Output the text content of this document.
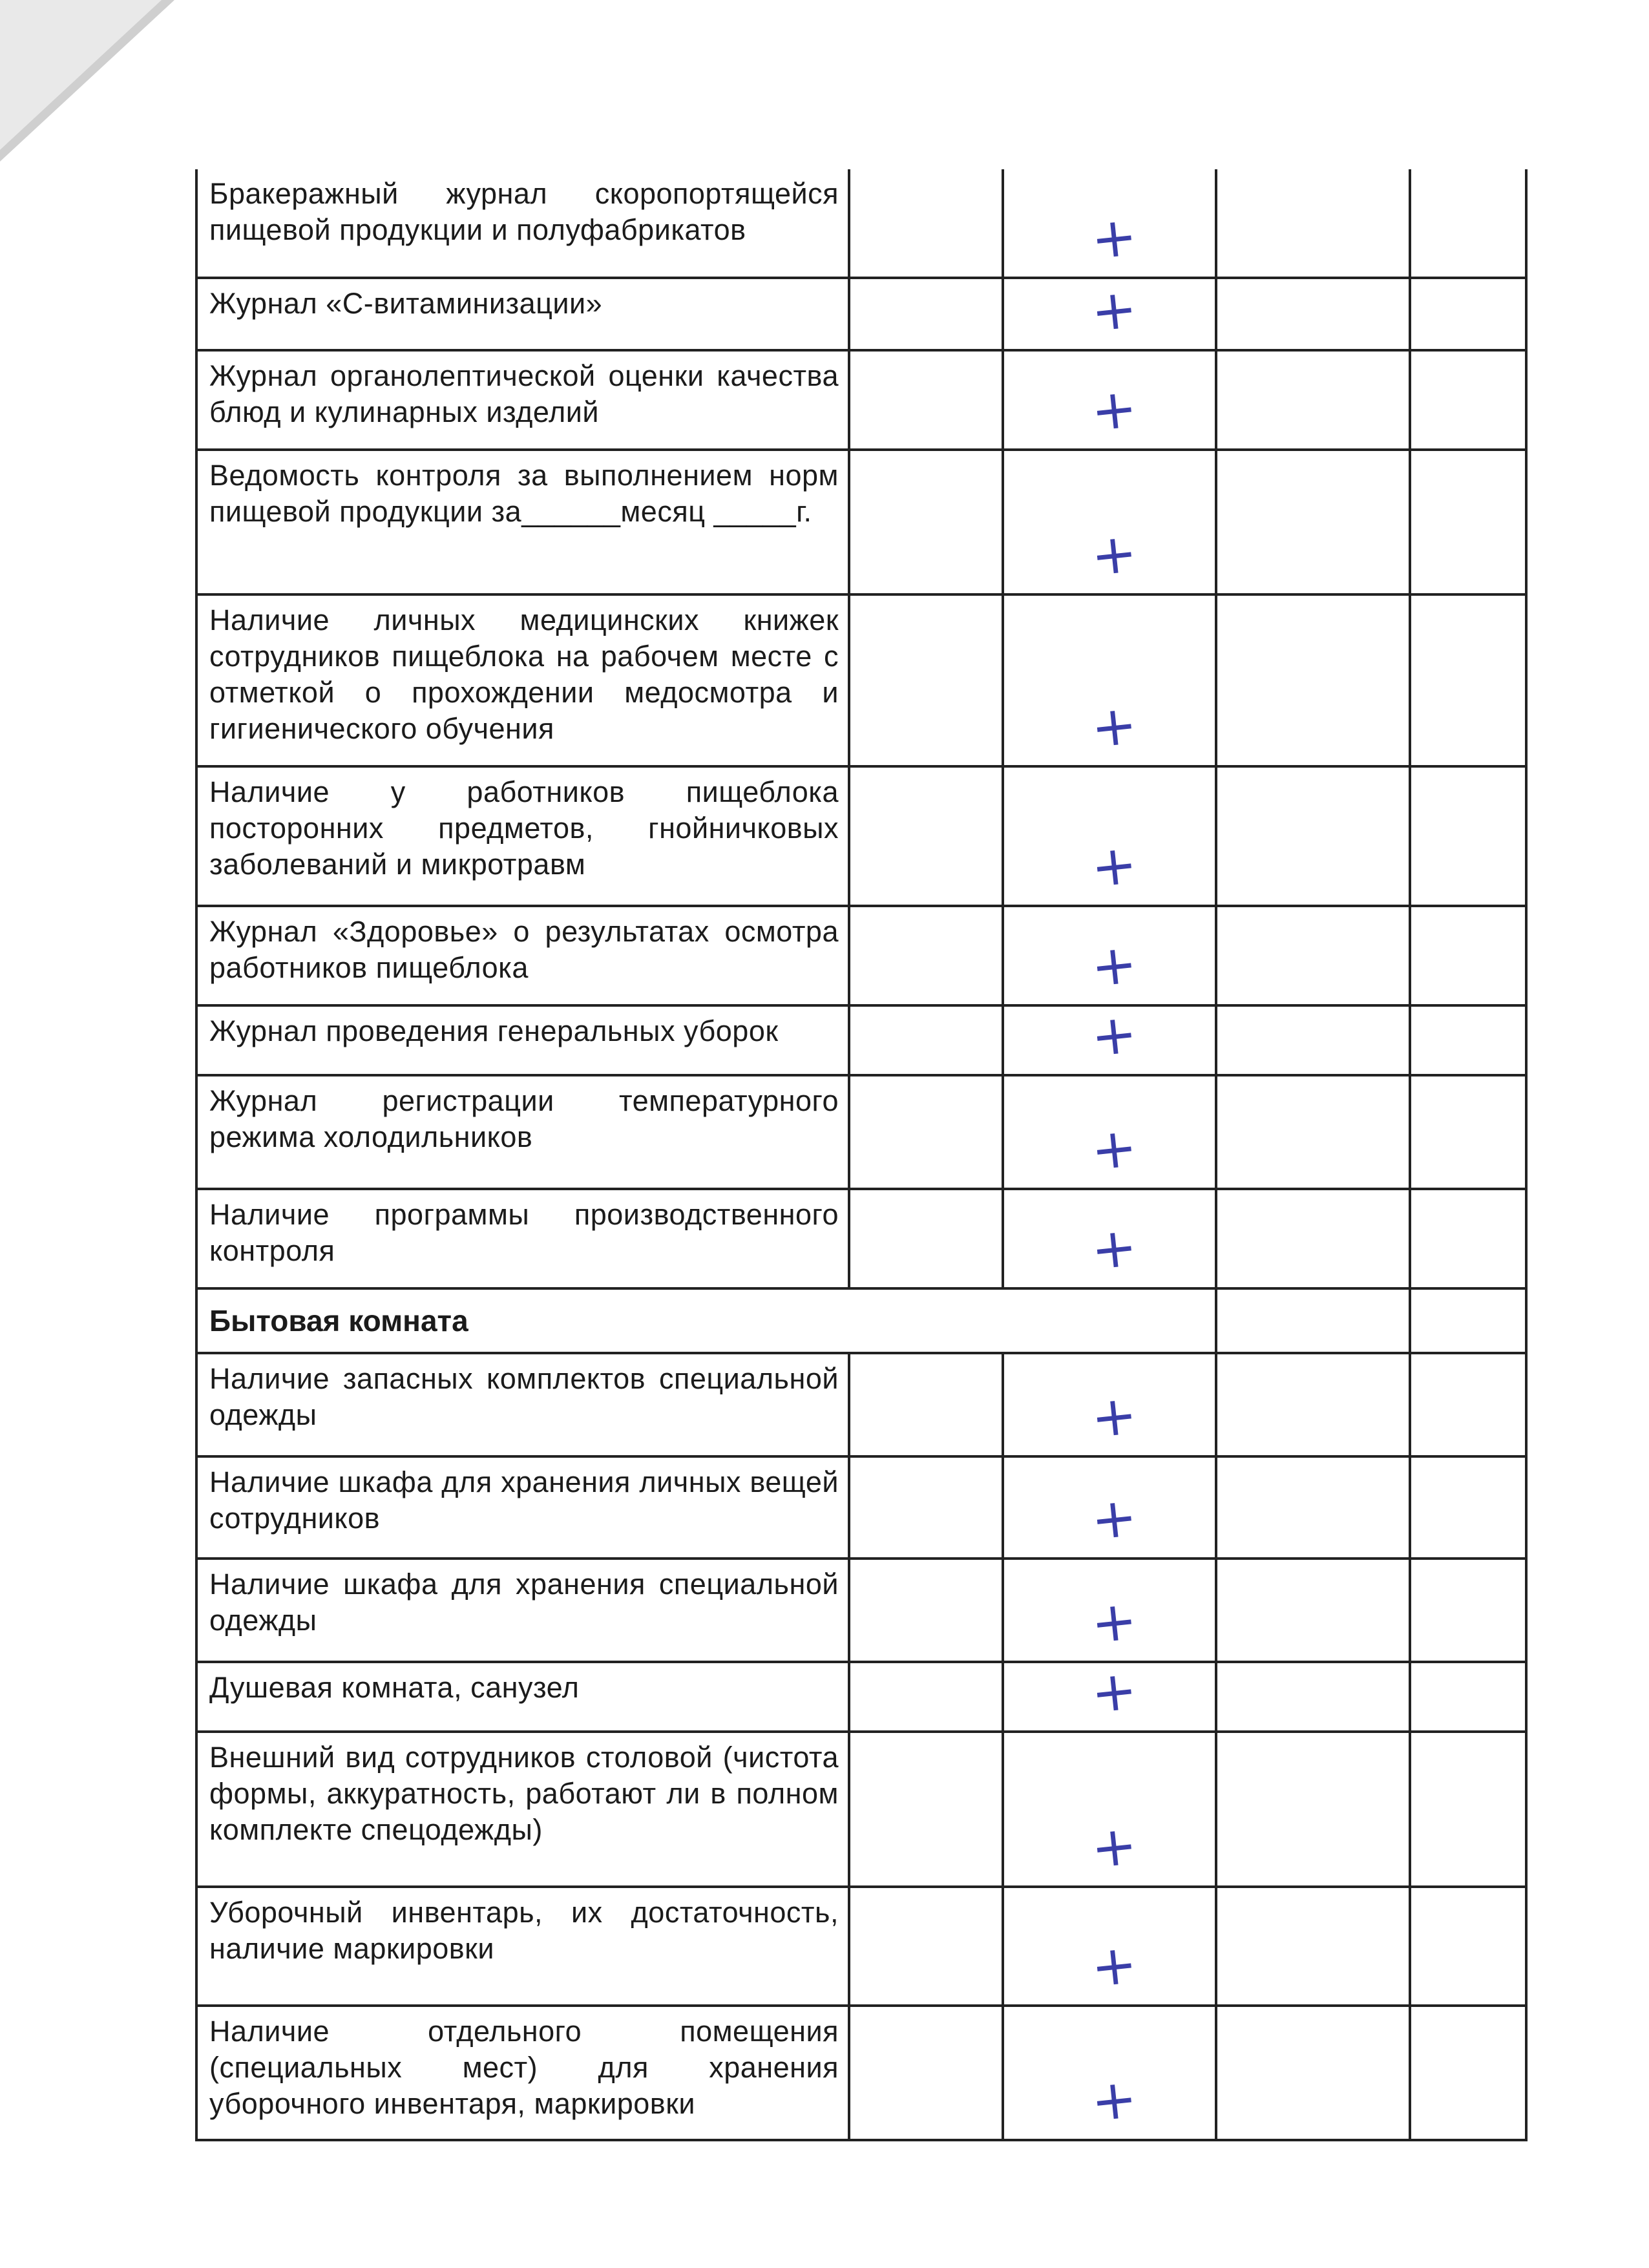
Бракеражный журнал скоропортящейся пищевой продукции и полуфабрикатов		+		

Журнал «С-витаминизации»		+		

Журнал органолептической оценки качества блюд и кулинарных изделий		+		

Ведомость контроля за выполнением норм пищевой продукции за______месяц _____г.		+		

Наличие личных медицинских книжек сотрудников пищеблока на рабочем месте с отметкой о прохождении медосмотра и гигиенического обучения		+		

Наличие у работников пищеблока посторонних предметов, гнойничковых заболеваний и микротравм		+		

Журнал «Здоровье» о результатах осмотра работников пищеблока		+		

Журнал проведения генеральных уборок		+		

Журнал регистрации температурного режима холодильников		+		

Наличие программы производственного контроля		+		

Бытовая комната				
Наличие запасных комплектов специальной одежды		+		

Наличие шкафа для хранения личных вещей сотрудников		+		

Наличие шкафа для хранения специальной одежды		+		

Душевая комната, санузел		+		

Внешний вид сотрудников столовой (чистота формы, аккуратность, работают ли в полном комплекте спецодежды)		+		

Уборочный инвентарь, их достаточность, наличие маркировки		+		

Наличие отдельного помещения (специальных мест) для хранения уборочного инвентаря, маркировки		+		
